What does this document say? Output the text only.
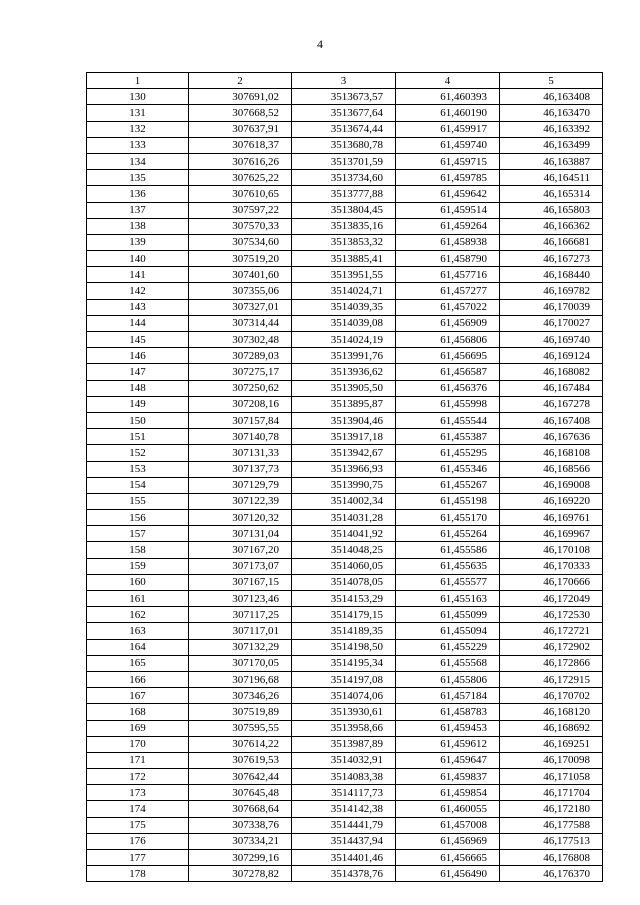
4
1	2	3	4	5
130	307691,02	3513673,57	61,460393	46,163408
131	307668,52	3513677,64	61,460190	46,163470
132	307637,91	3513674,44	61,459917	46,163392
133	307618,37	3513680,78	61,459740	46,163499
134	307616,26	3513701,59	61,459715	46,163887
135	307625,22	3513734,60	61,459785	46,164511
136	307610,65	3513777,88	61,459642	46,165314
137	307597,22	3513804,45	61,459514	46,165803
138	307570,33	3513835,16	61,459264	46,166362
139	307534,60	3513853,32	61,458938	46,166681
140	307519,20	3513885,41	61,458790	46,167273
141	307401,60	3513951,55	61,457716	46,168440
142	307355,06	3514024,71	61,457277	46,169782
143	307327,01	3514039,35	61,457022	46,170039
144	307314,44	3514039,08	61,456909	46,170027
145	307302,48	3514024,19	61,456806	46,169740
146	307289,03	3513991,76	61,456695	46,169124
147	307275,17	3513936,62	61,456587	46,168082
148	307250,62	3513905,50	61,456376	46,167484
149	307208,16	3513895,87	61,455998	46,167278
150	307157,84	3513904,46	61,455544	46,167408
151	307140,78	3513917,18	61,455387	46,167636
152	307131,33	3513942,67	61,455295	46,168108
153	307137,73	3513966,93	61,455346	46,168566
154	307129,79	3513990,75	61,455267	46,169008
155	307122,39	3514002,34	61,455198	46,169220
156	307120,32	3514031,28	61,455170	46,169761
157	307131,04	3514041,92	61,455264	46,169967
158	307167,20	3514048,25	61,455586	46,170108
159	307173,07	3514060,05	61,455635	46,170333
160	307167,15	3514078,05	61,455577	46,170666
161	307123,46	3514153,29	61,455163	46,172049
162	307117,25	3514179,15	61,455099	46,172530
163	307117,01	3514189,35	61,455094	46,172721
164	307132,29	3514198,50	61,455229	46,172902
165	307170,05	3514195,34	61,455568	46,172866
166	307196,68	3514197,08	61,455806	46,172915
167	307346,26	3514074,06	61,457184	46,170702
168	307519,89	3513930,61	61,458783	46,168120
169	307595,55	3513958,66	61,459453	46,168692
170	307614,22	3513987,89	61,459612	46,169251
171	307619,53	3514032,91	61,459647	46,170098
172	307642,44	3514083,38	61,459837	46,171058
173	307645,48	3514117,73	61,459854	46,171704
174	307668,64	3514142,38	61,460055	46,172180
175	307338,76	3514441,79	61,457008	46,177588
176	307334,21	3514437,94	61,456969	46,177513
177	307299,16	3514401,46	61,456665	46,176808
178	307278,82	3514378,76	61,456490	46,176370
